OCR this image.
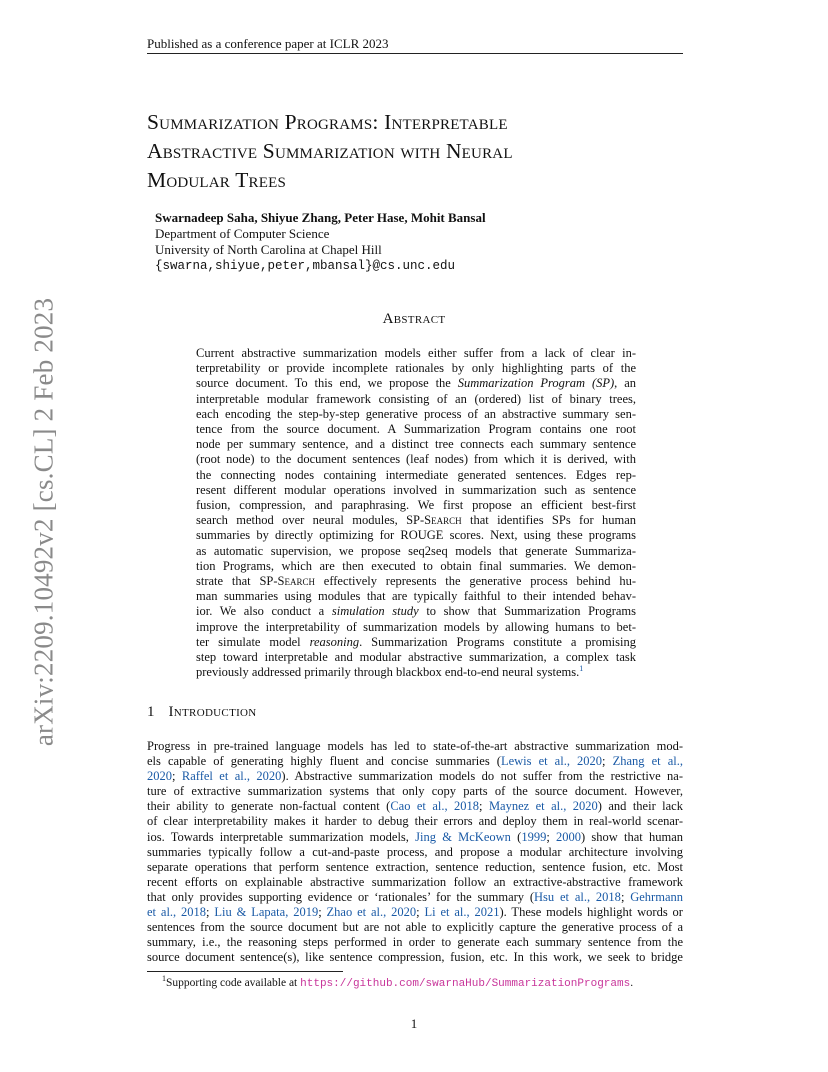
Published as a conference paper at ICLR 2023
arXiv:2209.10492v2 [cs.CL] 2 Feb 2023
Summarization Programs: Interpretable
Abstractive Summarization with Neural
Modular Trees
Swarnadeep Saha, Shiyue Zhang, Peter Hase, Mohit Bansal
Department of Computer Science
University of North Carolina at Chapel Hill
{swarna,shiyue,peter,mbansal}@cs.unc.edu
Abstract
Current abstractive summarization models either suffer from a lack of clear in-
terpretability or provide incomplete rationales by only highlighting parts of the
source document. To this end, we propose the Summarization Program (SP), an
interpretable modular framework consisting of an (ordered) list of binary trees,
each encoding the step-by-step generative process of an abstractive summary sen-
tence from the source document. A Summarization Program contains one root
node per summary sentence, and a distinct tree connects each summary sentence
(root node) to the document sentences (leaf nodes) from which it is derived, with
the connecting nodes containing intermediate generated sentences. Edges rep-
resent different modular operations involved in summarization such as sentence
fusion, compression, and paraphrasing. We first propose an efficient best-first
search method over neural modules, SP-Search that identifies SPs for human
summaries by directly optimizing for ROUGE scores. Next, using these programs
as automatic supervision, we propose seq2seq models that generate Summariza-
tion Programs, which are then executed to obtain final summaries. We demon-
strate that SP-Search effectively represents the generative process behind hu-
man summaries using modules that are typically faithful to their intended behav-
ior. We also conduct a simulation study to show that Summarization Programs
improve the interpretability of summarization models by allowing humans to bet-
ter simulate model reasoning. Summarization Programs constitute a promising
step toward interpretable and modular abstractive summarization, a complex task
previously addressed primarily through blackbox end-to-end neural systems.$^1$
1 Introduction
Progress in pre-trained language models has led to state-of-the-art abstractive summarization mod-
els capable of generating highly fluent and concise summaries (Lewis et al., 2020; Zhang et al.,
2020; Raffel et al., 2020). Abstractive summarization models do not suffer from the restrictive na-
ture of extractive summarization systems that only copy parts of the source document. However,
their ability to generate non-factual content (Cao et al., 2018; Maynez et al., 2020) and their lack
of clear interpretability makes it harder to debug their errors and deploy them in real-world scenar-
ios. Towards interpretable summarization models, Jing & McKeown (1999; 2000) show that human
summaries typically follow a cut-and-paste process, and propose a modular architecture involving
separate operations that perform sentence extraction, sentence reduction, sentence fusion, etc. Most
recent efforts on explainable abstractive summarization follow an extractive-abstractive framework
that only provides supporting evidence or ‘rationales’ for the summary (Hsu et al., 2018; Gehrmann
et al., 2018; Liu & Lapata, 2019; Zhao et al., 2020; Li et al., 2021). These models highlight words or
sentences from the source document but are not able to explicitly capture the generative process of a
summary, i.e., the reasoning steps performed in order to generate each summary sentence from the
source document sentence(s), like sentence compression, fusion, etc. In this work, we seek to bridge
$^1$Supporting code available at https://github.com/swarnaHub/SummarizationPrograms.
1
